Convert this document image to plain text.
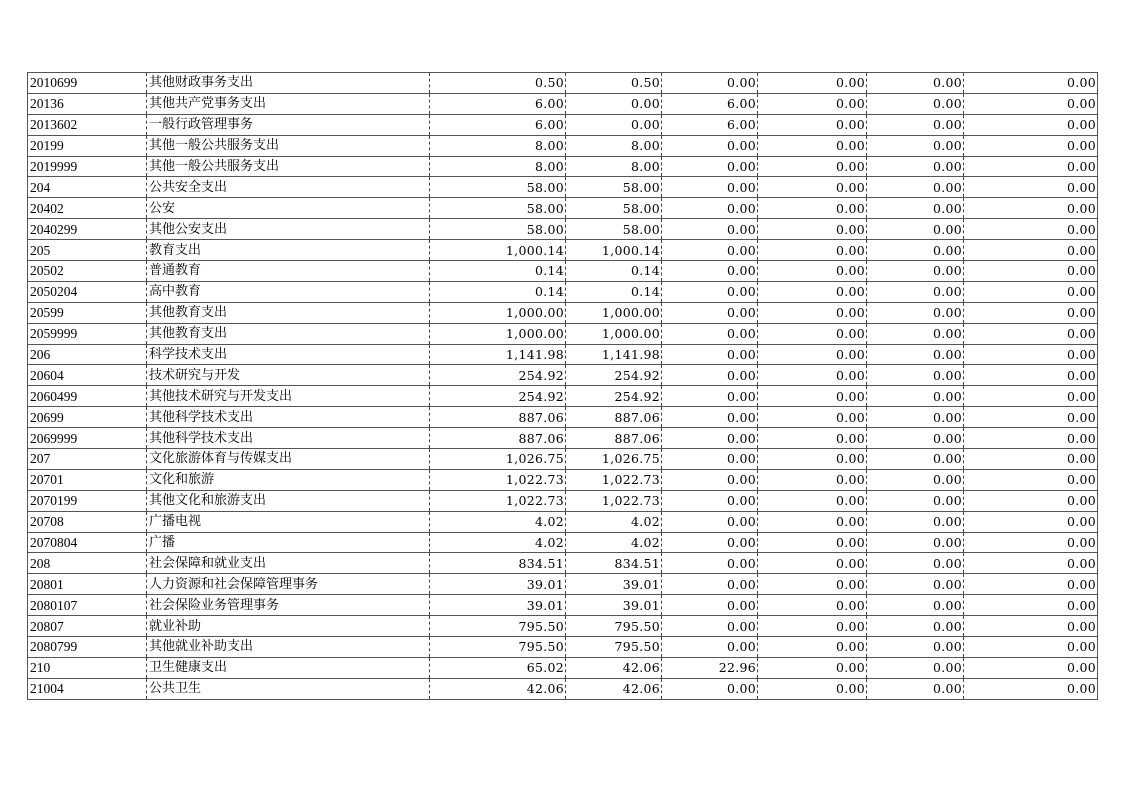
2010699	其他财政事务支出	0.50	0.50	0.00	0.00	0.00	0.00
20136	其他共产党事务支出	6.00	0.00	6.00	0.00	0.00	0.00
2013602	一般行政管理事务	6.00	0.00	6.00	0.00	0.00	0.00
20199	其他一般公共服务支出	8.00	8.00	0.00	0.00	0.00	0.00
2019999	其他一般公共服务支出	8.00	8.00	0.00	0.00	0.00	0.00
204	公共安全支出	58.00	58.00	0.00	0.00	0.00	0.00
20402	公安	58.00	58.00	0.00	0.00	0.00	0.00
2040299	其他公安支出	58.00	58.00	0.00	0.00	0.00	0.00
205	教育支出	1,000.14	1,000.14	0.00	0.00	0.00	0.00
20502	普通教育	0.14	0.14	0.00	0.00	0.00	0.00
2050204	高中教育	0.14	0.14	0.00	0.00	0.00	0.00
20599	其他教育支出	1,000.00	1,000.00	0.00	0.00	0.00	0.00
2059999	其他教育支出	1,000.00	1,000.00	0.00	0.00	0.00	0.00
206	科学技术支出	1,141.98	1,141.98	0.00	0.00	0.00	0.00
20604	技术研究与开发	254.92	254.92	0.00	0.00	0.00	0.00
2060499	其他技术研究与开发支出	254.92	254.92	0.00	0.00	0.00	0.00
20699	其他科学技术支出	887.06	887.06	0.00	0.00	0.00	0.00
2069999	其他科学技术支出	887.06	887.06	0.00	0.00	0.00	0.00
207	文化旅游体育与传媒支出	1,026.75	1,026.75	0.00	0.00	0.00	0.00
20701	文化和旅游	1,022.73	1,022.73	0.00	0.00	0.00	0.00
2070199	其他文化和旅游支出	1,022.73	1,022.73	0.00	0.00	0.00	0.00
20708	广播电视	4.02	4.02	0.00	0.00	0.00	0.00
2070804	广播	4.02	4.02	0.00	0.00	0.00	0.00
208	社会保障和就业支出	834.51	834.51	0.00	0.00	0.00	0.00
20801	人力资源和社会保障管理事务	39.01	39.01	0.00	0.00	0.00	0.00
2080107	社会保险业务管理事务	39.01	39.01	0.00	0.00	0.00	0.00
20807	就业补助	795.50	795.50	0.00	0.00	0.00	0.00
2080799	其他就业补助支出	795.50	795.50	0.00	0.00	0.00	0.00
210	卫生健康支出	65.02	42.06	22.96	0.00	0.00	0.00
21004	公共卫生	42.06	42.06	0.00	0.00	0.00	0.00
